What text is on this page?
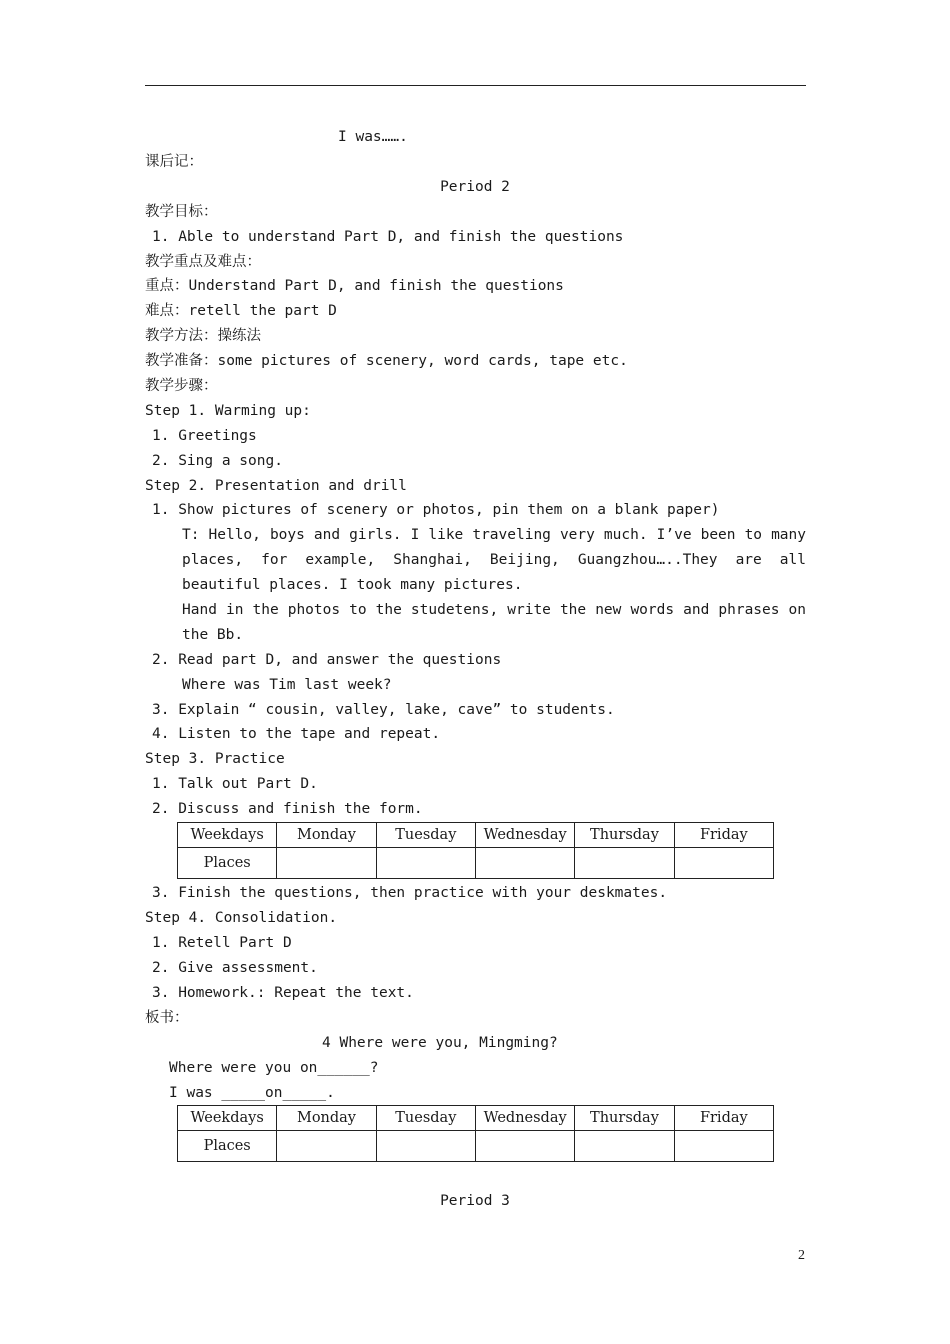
I was…….
课后记：
Period 2
教学目标：
1. Able to understand Part D, and finish the questions
教学重点及难点：
重点：Understand Part D, and finish the questions
难点：retell the part D
教学方法：操练法
教学准备：some pictures of scenery, word cards, tape etc.
教学步骤：
Step 1. Warming up:
1. Greetings
2. Sing a song.
Step 2. Presentation and drill
1. Show pictures of scenery or photos, pin them on a blank paper)
T: Hello, boys and girls. I like traveling very much. I’ve been to many
places, for example, Shanghai, Beijing, Guangzhou…..They are all
beautiful places. I took many pictures.
Hand in the photos to the studetens, write the new words and phrases on
the Bb.
2. Read part D, and answer the questions
Where was Tim last week?
3. Explain “ cousin, valley, lake, cave” to students.
4. Listen to the tape and repeat.
Step 3. Practice
1. Talk out Part D.
2. Discuss and finish the form.
Weekdays	Monday	Tuesday	Wednesday	Thursday	Friday
Places					
3. Finish the questions, then practice with your deskmates.
Step 4. Consolidation.
1. Retell Part D
2. Give assessment.
3. Homework.: Repeat the text.
板书：
4 Where were you, Mingming?
Where were you on______?
I was _____on_____.
Weekdays	Monday	Tuesday	Wednesday	Thursday	Friday
Places					
Period 3
2
